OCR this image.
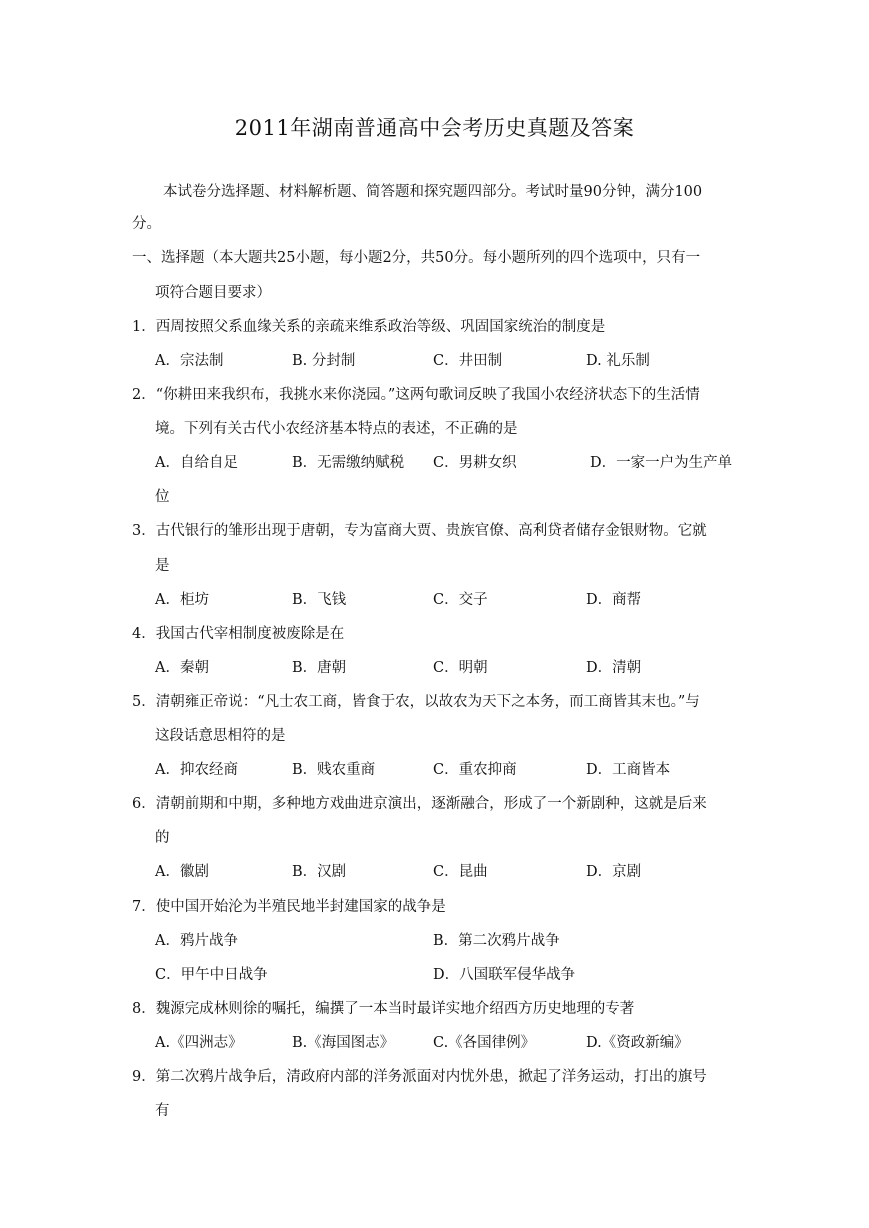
2011年湖南普通高中会考历史真题及答案
本试卷分选择题、材料解析题、简答题和探究题四部分。考试时量90分钟，满分100
分。
一、选择题（本大题共25小题，每小题2分，共50分。每小题所列的四个选项中，只有一
项符合题目要求）
1．西周按照父系血缘关系的亲疏来维系政治等级、巩固国家统治的制度是
A．宗法制	B. 分封制	C．井田制	D. 礼乐制
2．“你耕田来我织布，我挑水来你浇园。”这两句歌词反映了我国小农经济状态下的生活情
境。下列有关古代小农经济基本特点的表述，不正确的是
A．自给自足	B．无需缴纳赋税 C．男耕女织	D．一家一户为生产单
位
3．古代银行的雏形出现于唐朝，专为富商大贾、贵族官僚、高利贷者储存金银财物。它就
是
A．柜坊	B．飞钱	C．交子	D．商帮
4．我国古代宰相制度被废除是在
A．秦朝	B．唐朝	C．明朝	D．清朝
5．清朝雍正帝说：“凡士农工商，皆食于农，以故农为天下之本务，而工商皆其末也。”与
这段话意思相符的是
A．抑农经商	B．贱农重商	C．重农抑商	D．工商皆本
6．清朝前期和中期，多种地方戏曲进京演出，逐渐融合，形成了一个新剧种，这就是后来
的
A．徽剧	B．汉剧	C．昆曲	D．京剧
7．使中国开始沦为半殖民地半封建国家的战争是
A．鸦片战争	B．第二次鸦片战争
C．甲午中日战争	D．八国联军侵华战争
8．魏源完成林则徐的嘱托，编撰了一本当时最详实地介绍西方历史地理的专著
A.《四洲志》	B.《海国图志》	C.《各国律例》	D.《资政新编》
9．第二次鸦片战争后，清政府内部的洋务派面对内忧外患，掀起了洋务运动，打出的旗号
有
